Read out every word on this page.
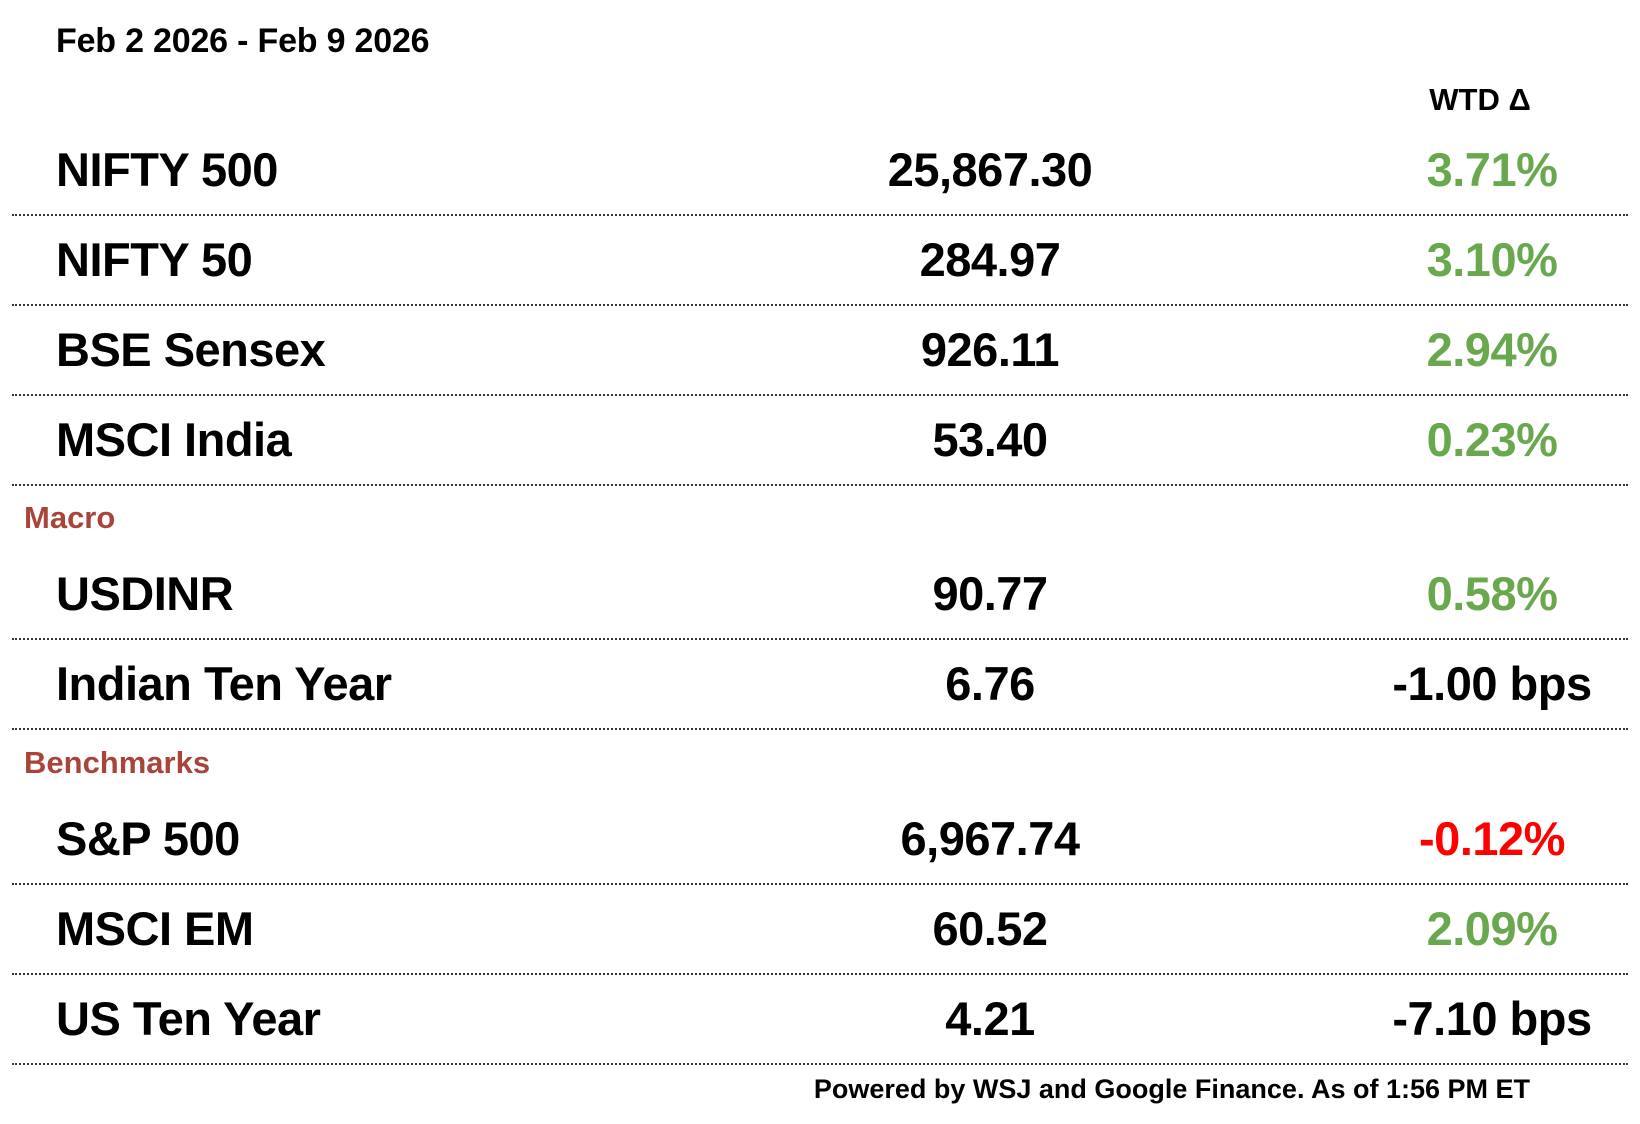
Feb 2 2026 - Feb 9 2026
WTD Δ
NIFTY 500	25,867.30	3.71%
NIFTY 50	284.97	3.10%
BSE Sensex	926.11	2.94%
MSCI India	53.40	0.23%
Macro
USDINR	90.77	0.58%
Indian Ten Year	6.76	-1.00 bps
Benchmarks
S&P 500	6,967.74	-0.12%
MSCI EM	60.52	2.09%
US Ten Year	4.21	-7.10 bps
Powered by WSJ and Google Finance. As of 1:56 PM ET
